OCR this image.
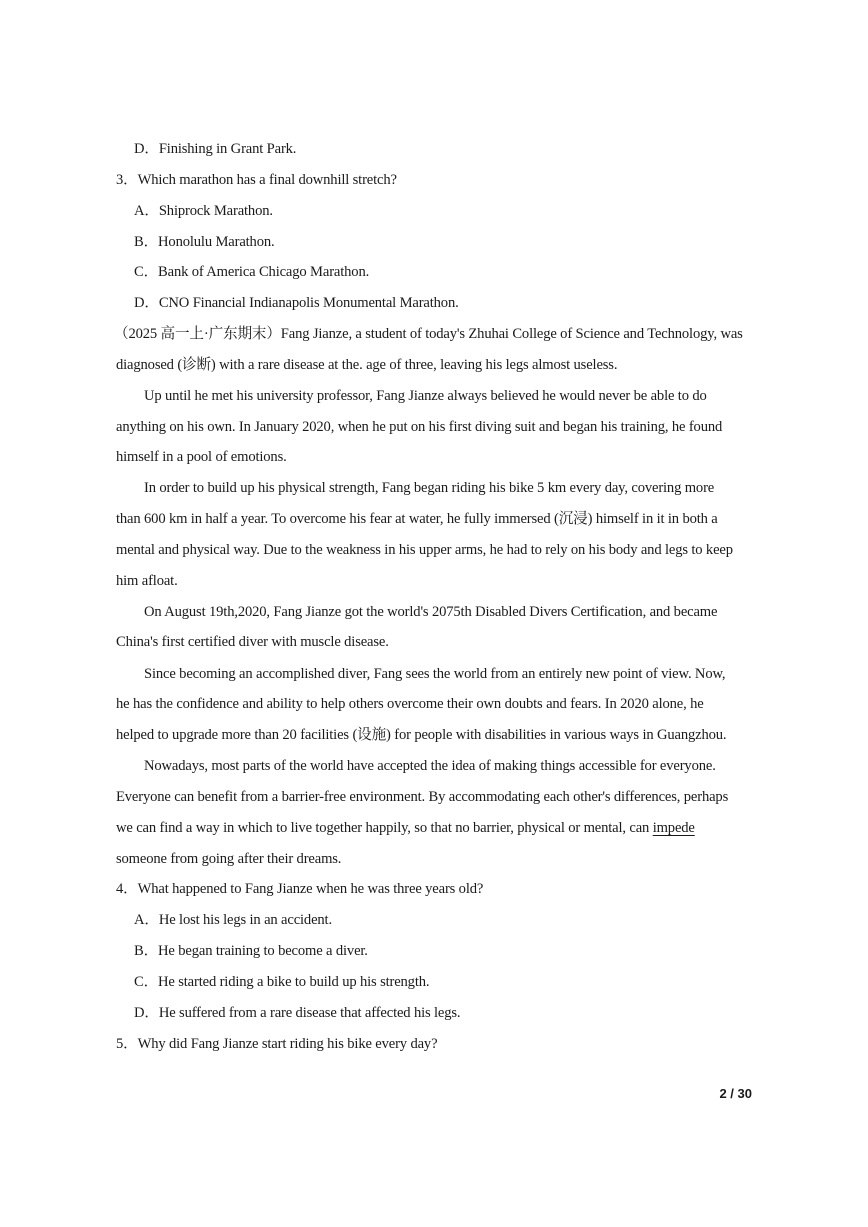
D．Finishing in Grant Park.
3．Which marathon has a final downhill stretch?
A．Shiprock Marathon.
B．Honolulu Marathon.
C．Bank of America Chicago Marathon.
D．CNO Financial Indianapolis Monumental Marathon.
（2025 高一上·广东期末）Fang Jianze, a student of today's Zhuhai College of Science and Technology, was
diagnosed (诊断) with a rare disease at the. age of three, leaving his legs almost useless.
Up until he met his university professor, Fang Jianze always believed he would never be able to do
anything on his own. In January 2020, when he put on his first diving suit and began his training, he found
himself in a pool of emotions.
In order to build up his physical strength, Fang began riding his bike 5 km every day, covering more
than 600 km in half a year. To overcome his fear at water, he fully immersed (沉浸) himself in it in both a
mental and physical way. Due to the weakness in his upper arms, he had to rely on his body and legs to keep
him afloat.
On August 19th,2020, Fang Jianze got the world's 2075th Disabled Divers Certification, and became
China's first certified diver with muscle disease.
Since becoming an accomplished diver, Fang sees the world from an entirely new point of view. Now,
he has the confidence and ability to help others overcome their own doubts and fears. In 2020 alone, he
helped to upgrade more than 20 facilities (设施) for people with disabilities in various ways in Guangzhou.
Nowadays, most parts of the world have accepted the idea of making things accessible for everyone.
Everyone can benefit from a barrier-free environment. By accommodating each other's differences, perhaps
we can find a way in which to live together happily, so that no barrier, physical or mental, can impede
someone from going after their dreams.
4．What happened to Fang Jianze when he was three years old?
A．He lost his legs in an accident.
B．He began training to become a diver.
C．He started riding a bike to build up his strength.
D．He suffered from a rare disease that affected his legs.
5．Why did Fang Jianze start riding his bike every day?
2 / 30
